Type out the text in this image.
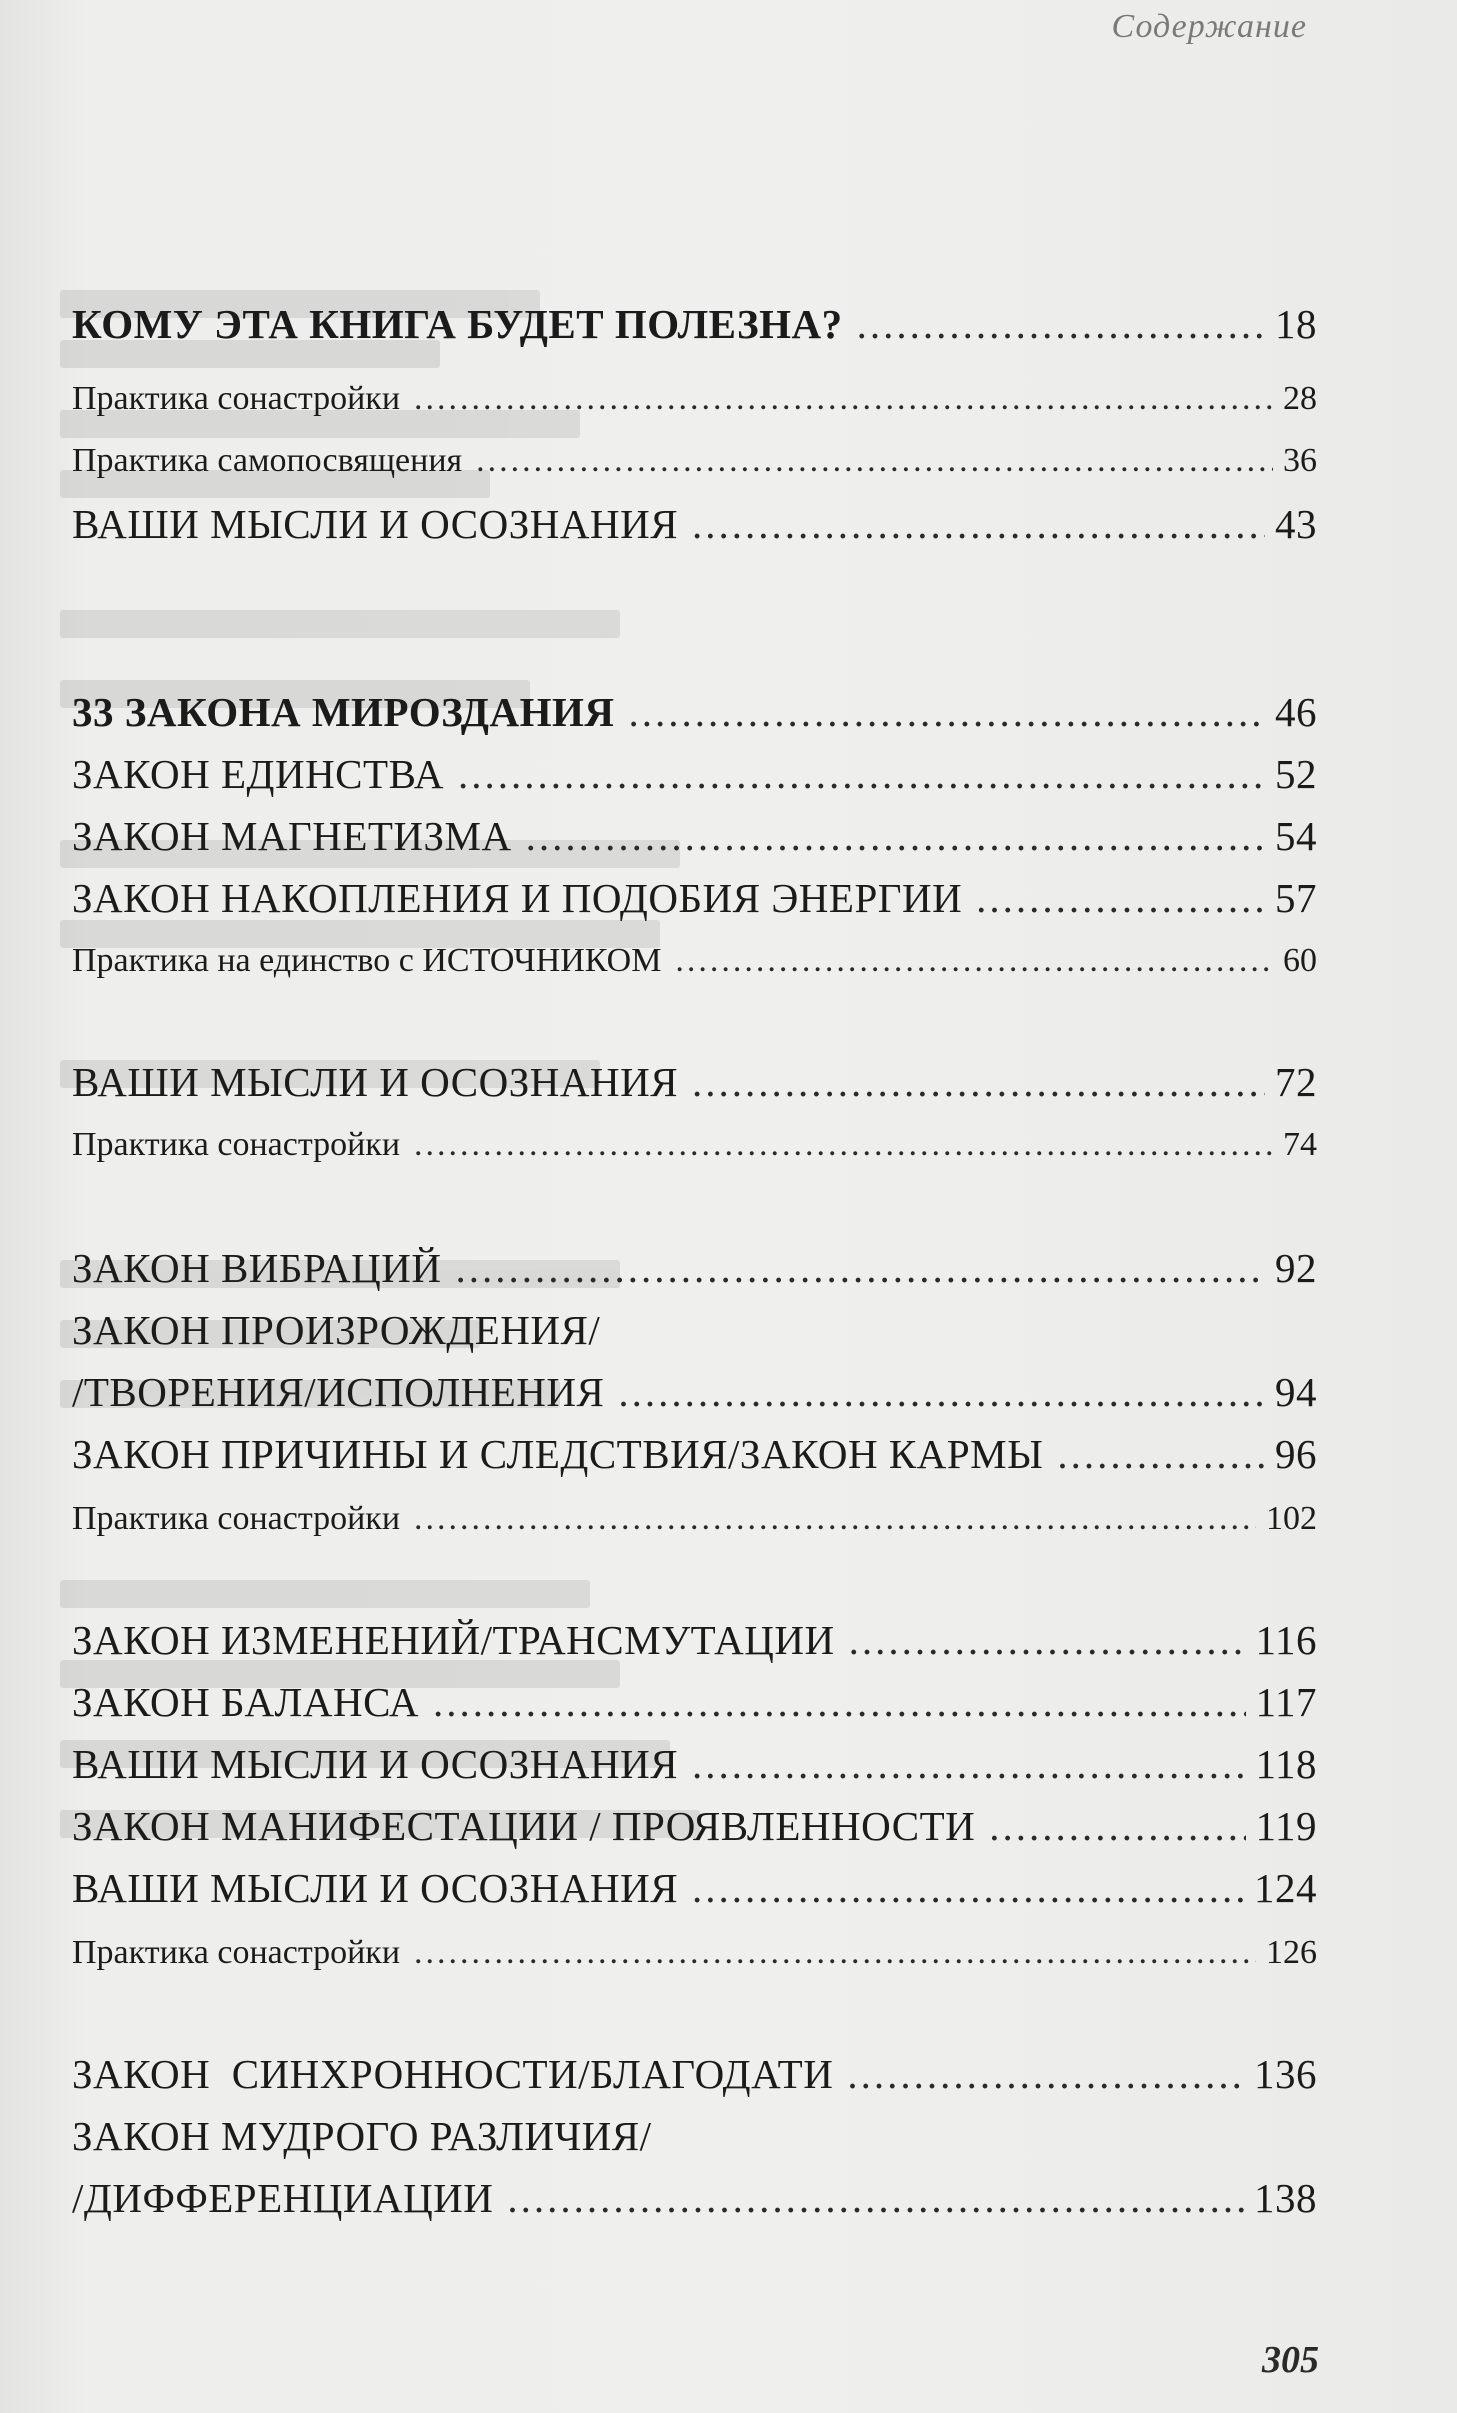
Содержание
КОМУ ЭТА КНИГА БУДЕТ ПОЛЕЗНА? .....	18
Практика сонастройки .....	28
Практика самопосвящения .....	36
ВАШИ МЫСЛИ И ОСОЗНАНИЯ .....	43
33 ЗАКОНА МИРОЗДАНИЯ .....	46
ЗАКОН ЕДИНСТВА .....	52
ЗАКОН МАГНЕТИЗМА .....	54
ЗАКОН НАКОПЛЕНИЯ И ПОДОБИЯ ЭНЕРГИИ .....	57
Практика на единство с ИСТОЧНИКОМ .....	60
ВАШИ МЫСЛИ И ОСОЗНАНИЯ .....	72
Практика сонастройки .....	74
ЗАКОН ВИБРАЦИЙ .....	92
ЗАКОН ПРОИЗРОЖДЕНИЯ/
/ТВОРЕНИЯ/ИСПОЛНЕНИЯ .....	94
ЗАКОН ПРИЧИНЫ И СЛЕДСТВИЯ/ЗАКОН КАРМЫ .....	96
Практика сонастройки .....	102
ЗАКОН ИЗМЕНЕНИЙ/ТРАНСМУТАЦИИ .....	116
ЗАКОН БАЛАНСА .....	117
ВАШИ МЫСЛИ И ОСОЗНАНИЯ .....	118
ЗАКОН МАНИФЕСТАЦИИ / ПРОЯВЛЕННОСТИ .....	119
ВАШИ МЫСЛИ И ОСОЗНАНИЯ .....	124
Практика сонастройки .....	126
ЗАКОН  СИНХРОННОСТИ/БЛАГОДАТИ .....	136
ЗАКОН МУДРОГО РАЗЛИЧИЯ/
/ДИФФЕРЕНЦИАЦИИ .....	138
305
